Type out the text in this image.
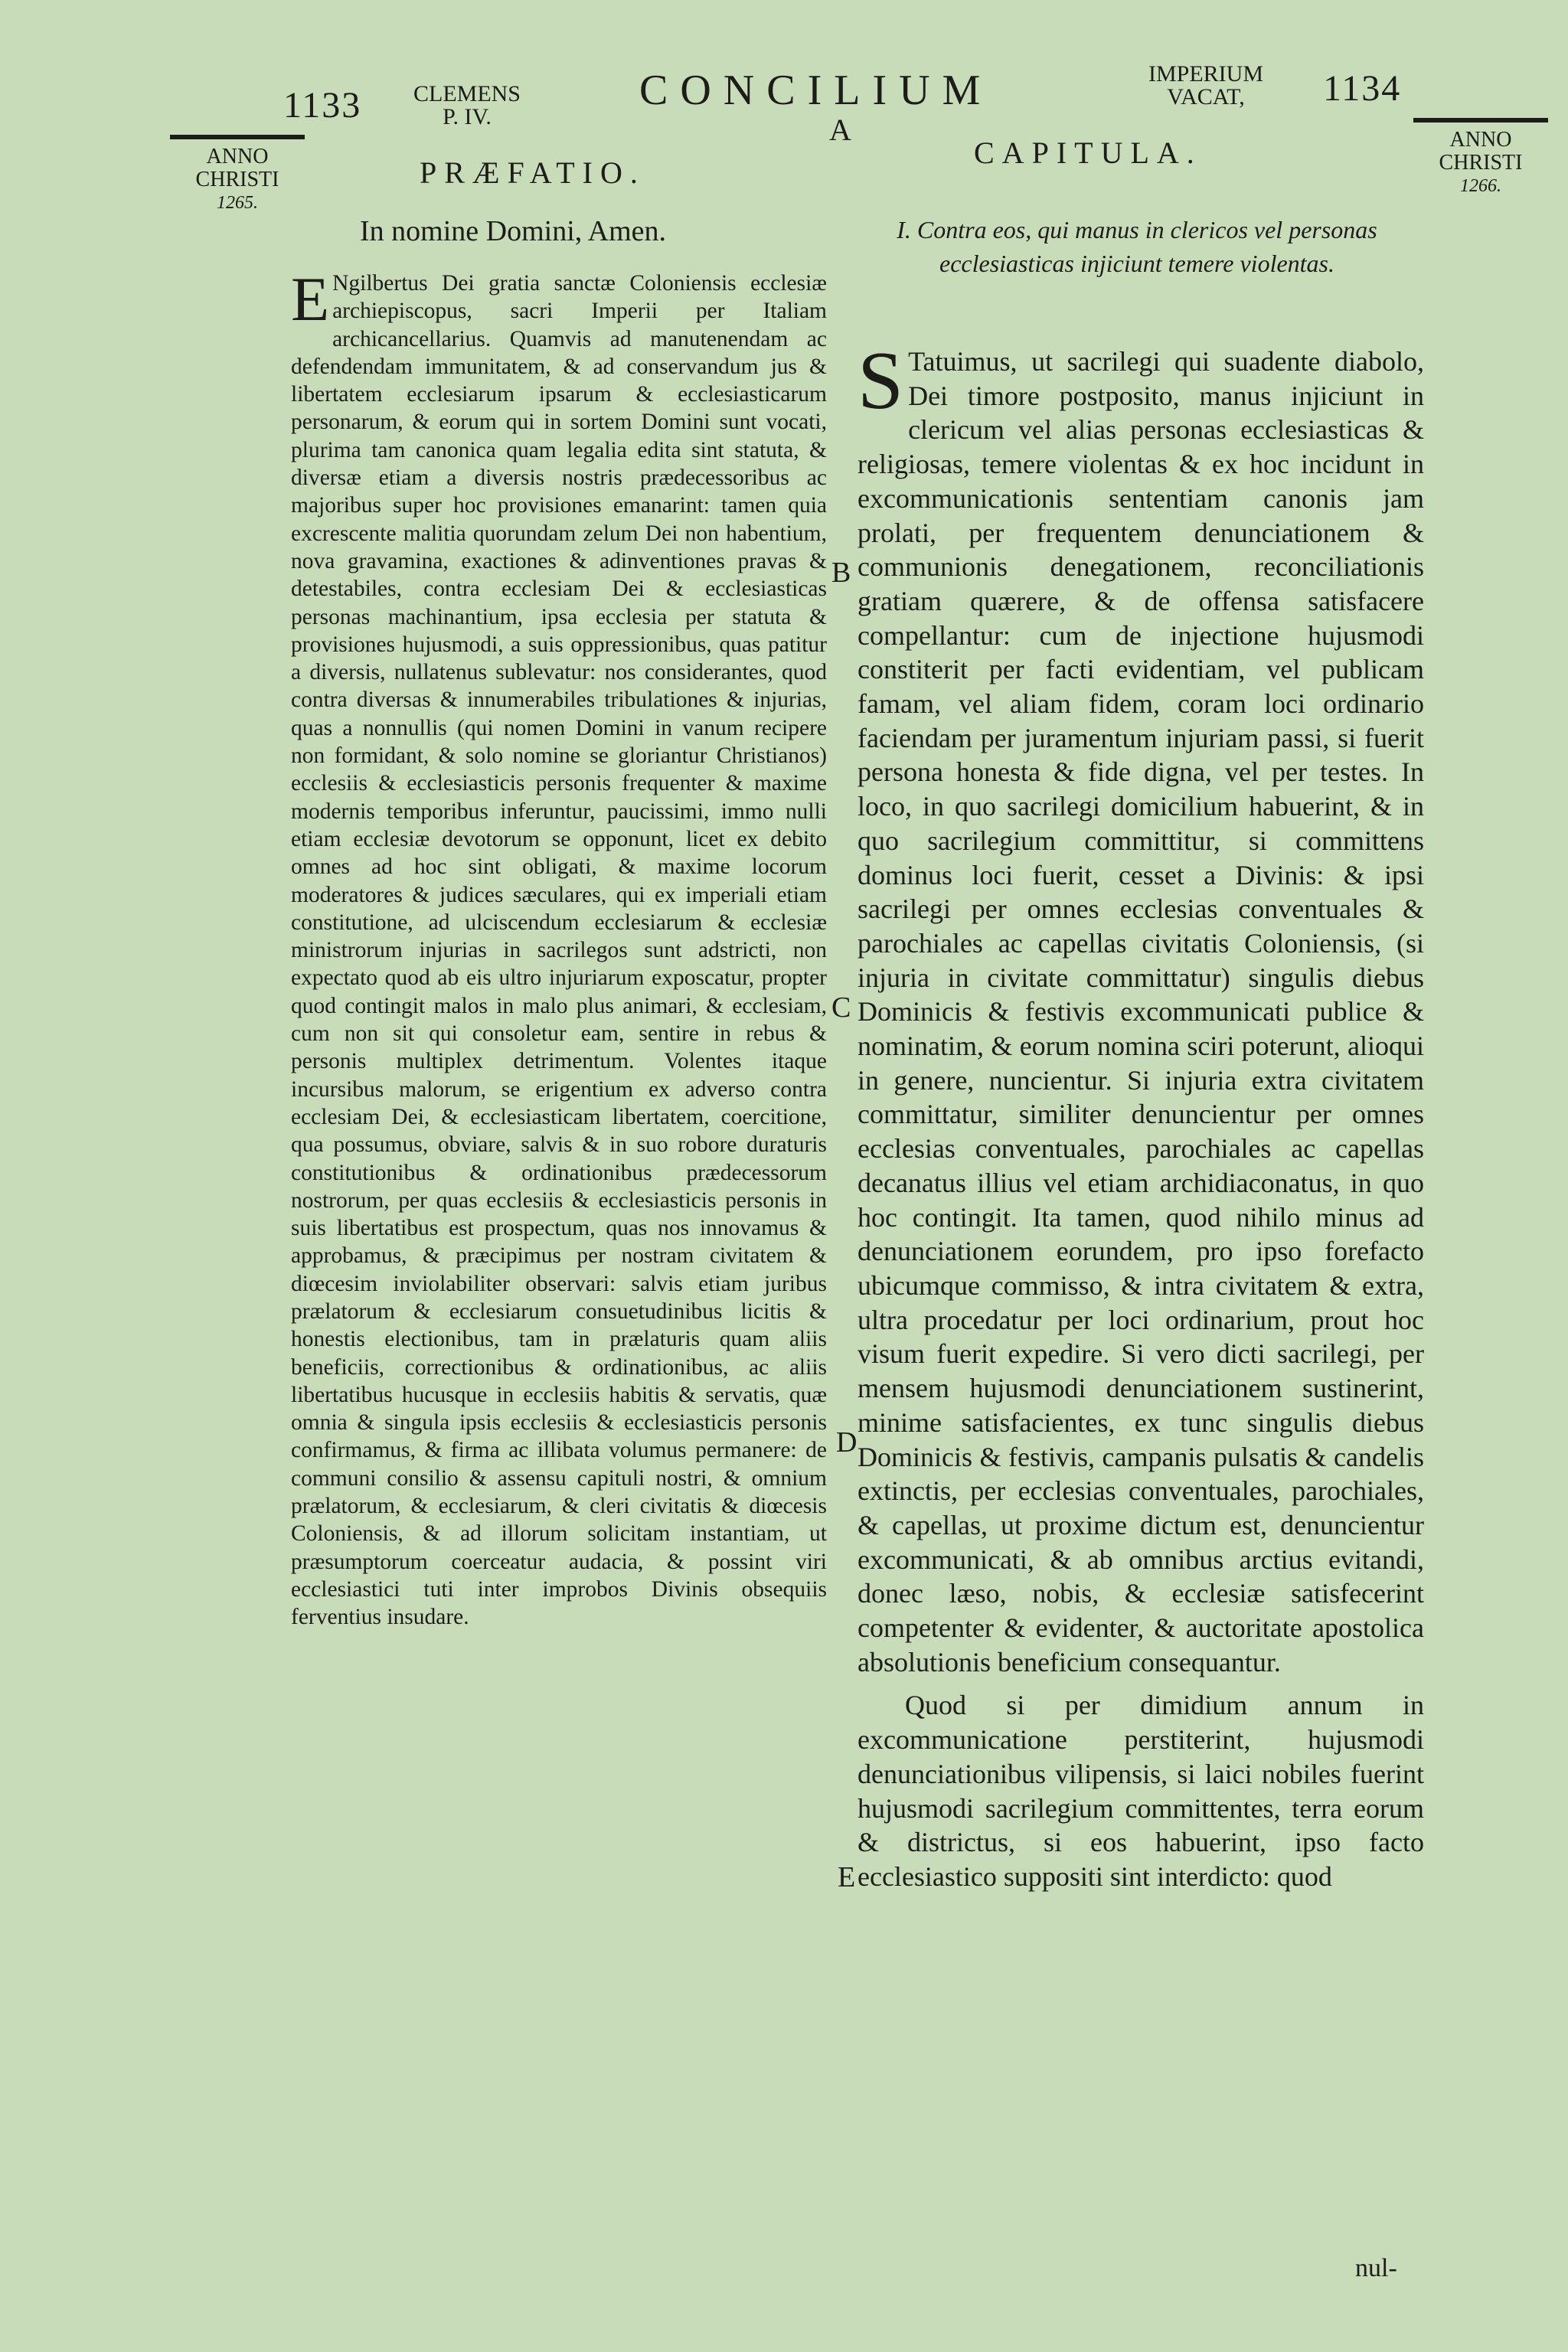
1133	CLEMENS P. IV.
CONCILIUM
A
IMPERIUM VACAT,	1134
ANNO
CHRISTI
1265.
ANNO
CHRISTI
1266.
PRÆFATIO.
In nomine Domini, Amen.

E Ngilbertus Dei gratia sanctæ Coloniensis ecclesiæ archiepiscopus, sacri Imperii per Italiam archicancellarius. Quamvis ad manutenendam ac defendendam immunitatem, & ad conservandum jus & libertatem ecclesiarum ipsarum & ecclesiasticarum personarum, & eorum qui in sortem Domini sunt vocati, plurima tam canonica quam legalia edita sint statuta, & diversæ etiam a diversis nostris prædecessoribus ac majoribus super hoc provisiones emanarint: tamen quia excrescente malitia quorundam zelum Dei non habentium, nova gravamina, exactiones & adinventiones pravas & detestabiles, contra ecclesiam Dei & ecclesiasticas personas machinantium, ipsa ecclesia per statuta & provisiones hujusmodi, a suis oppressionibus, quas patitur a diversis, nullatenus sublevatur: nos considerantes, quod contra diversas & innumerabiles tribulationes & injurias, quas a nonnullis (qui nomen Domini in vanum recipere non formidant, & solo nomine se gloriantur Christianos) ecclesiis & ecclesiasticis personis frequenter & maxime modernis temporibus inferuntur, paucissimi, immo nulli etiam ecclesiæ devotorum se opponunt, licet ex debito omnes ad hoc sint obligati, & maxime locorum moderatores & judices sæculares, qui ex imperiali etiam constitutione, ad ulciscendum ecclesiarum & ecclesiæ ministrorum injurias in sacrilegos sunt adstricti, non expectato quod ab eis ultro injuriarum exposcatur, propter quod contingit malos in malo plus animari, & ecclesiam, cum non sit qui consoletur eam, sentire in rebus & personis multiplex detrimentum. Volentes itaque incursibus malorum, se erigentium ex adverso contra ecclesiam Dei, & ecclesiasticam libertatem, coercitione, qua possumus, obviare, salvis & in suo robore duraturis constitutionibus & ordinationibus prædecessorum nostrorum, per quas ecclesiis & ecclesiasticis personis in suis libertatibus est prospectum, quas nos innovamus & approbamus, & præcipimus per nostram civitatem & diœcesim inviolabiliter observari: salvis etiam juribus prælatorum & ecclesiarum consuetudinibus licitis & honestis electionibus, tam in prælaturis quam aliis beneficiis, correctionibus & ordinationibus, ac aliis libertatibus hucusque in ecclesiis habitis & servatis, quæ omnia & singula ipsis ecclesiis & ecclesiasticis personis confirmamus, & firma ac illibata volumus permanere: de communi consilio & assensu capituli nostri, & omnium prælatorum, & ecclesiarum, & cleri civitatis & diœcesis Coloniensis, & ad illorum solicitam instantiam, ut præsumptorum coerceatur audacia, & possint viri ecclesiastici tuti inter improbos Divinis obsequiis ferventius insudare.

CAPITULA.
I. Contra eos, qui manus in clericos vel personas ecclesiasticas injiciunt temere violentas.

S Tatuimus, ut sacrilegi qui suadente diabolo, Dei timore postposito, manus injiciunt in clericum vel alias personas ecclesiasticas & religiosas, temere violentas & ex hoc incidunt in excommunicationis sententiam canonis jam prolati, per frequentem denunciationem & communionis denegationem, reconciliationis gratiam quærere, & de offensa satisfacere compellantur: cum de injectione hujusmodi constiterit per facti evidentiam, vel publicam famam, vel aliam fidem, coram loci ordinario faciendam per juramentum injuriam passi, si fuerit persona honesta & fide digna, vel per testes. In loco, in quo sacrilegi domicilium habuerint, & in quo sacrilegium committitur, si committens dominus loci fuerit, cesset a Divinis: & ipsi sacrilegi per omnes ecclesias conventuales & parochiales ac capellas civitatis Coloniensis, (si injuria in civitate committatur) singulis diebus Dominicis & festivis excommunicati publice & nominatim, & eorum nomina sciri poterunt, alioqui in genere, nuncientur. Si injuria extra civitatem committatur, similiter denuncientur per omnes ecclesias conventuales, parochiales ac capellas decanatus illius vel etiam archidiaconatus, in quo hoc contingit. Ita tamen, quod nihilo minus ad denunciationem eorundem, pro ipso forefacto ubicumque commisso, & intra civitatem & extra, ultra procedatur per loci ordinarium, prout hoc visum fuerit expedire. Si vero dicti sacrilegi, per mensem hujusmodi denunciationem sustinerint, minime satisfacientes, ex tunc singulis diebus Dominicis & festivis, campanis pulsatis & candelis extinctis, per ecclesias conventuales, parochiales, & capellas, ut proxime dictum est, denuncientur excommunicati, & ab omnibus arctius evitandi, donec læso, nobis, & ecclesiæ satisfecerint competenter & evidenter, & auctoritate apostolica absolutionis beneficium consequantur.

Quod si per dimidium annum in excommunicatione perstiterint, hujusmodi denunciationibus vilipensis, si laici nobiles fuerint hujusmodi sacrilegium committentes, terra eorum & districtus, si eos habuerint, ipso facto ecclesiastico suppositi sint interdicto: quod

nul-
B
C
D
E
